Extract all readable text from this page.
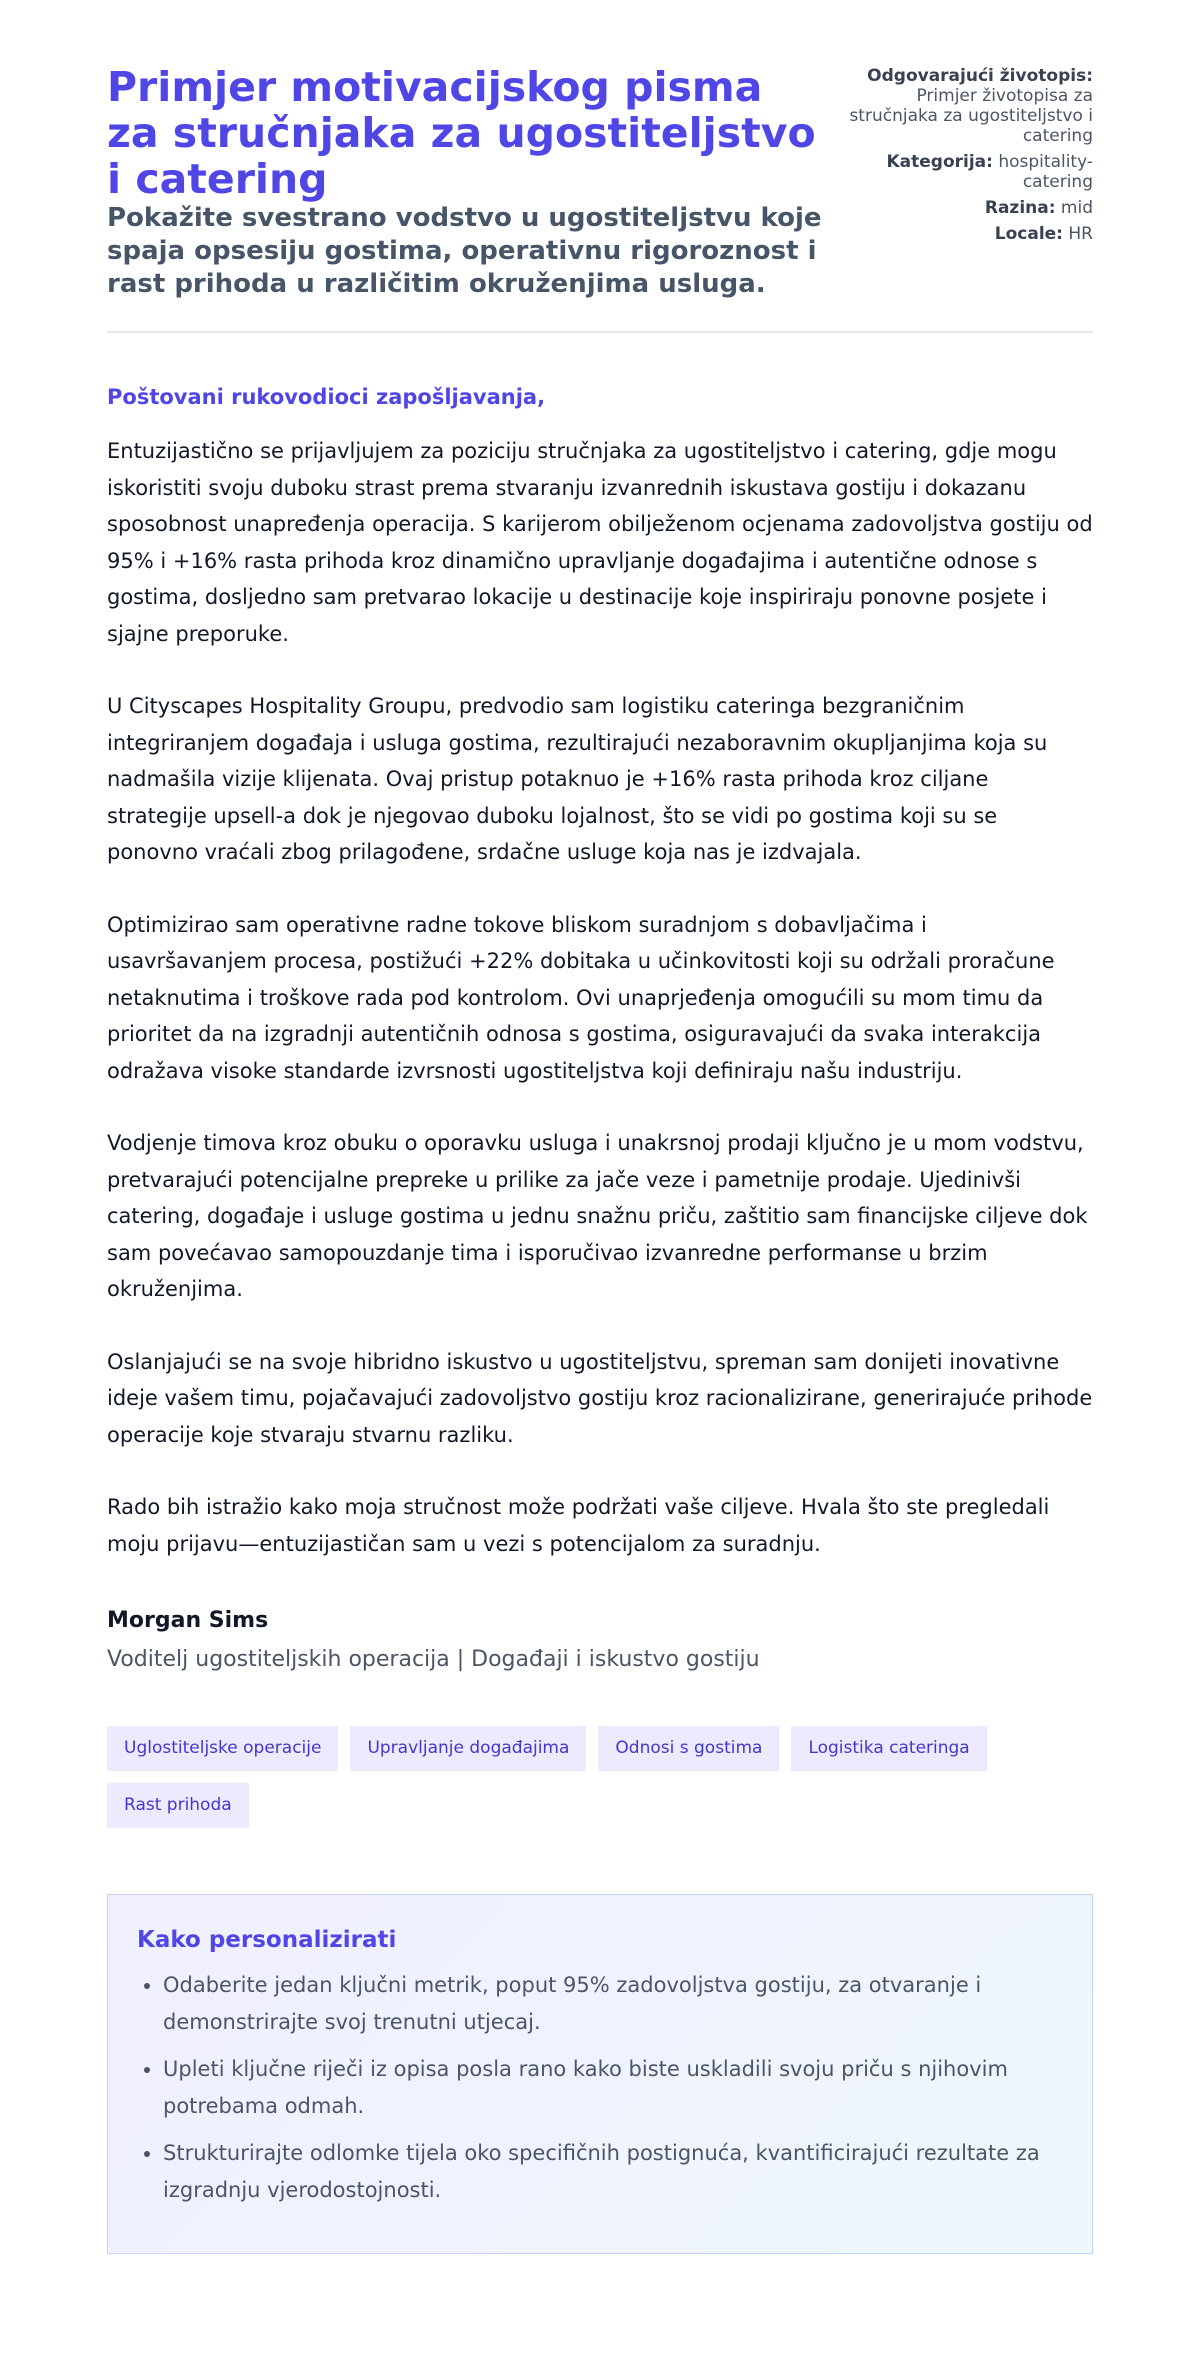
Primjer motivacijskog pisma za stručnjaka za ugostiteljstvo i catering
Pokažite svestrano vodstvo u ugostiteljstvu koje spaja opsesiju gostima, operativnu rigoroznost i rast prihoda u različitim okruženjima usluga.
Odgovarajući životopis: Primjer životopisa za stručnjaka za ugostiteljstvo i catering
Kategorija: hospitality-catering
Razina: mid
Locale: HR
Poštovani rukovodioci zapošljavanja,

Entuzijastično se prijavljujem za poziciju stručnjaka za ugostiteljstvo i catering, gdje mogu iskoristiti svoju duboku strast prema stvaranju izvanrednih iskustava gostiju i dokazanu sposobnost unapređenja operacija. S karijerom obilježenom ocjenama zadovoljstva gostiju od 95% i +16% rasta prihoda kroz dinamično upravljanje događajima i autentične odnose s gostima, dosljedno sam pretvarao lokacije u destinacije koje inspiriraju ponovne posjete i sjajne preporuke.

U Cityscapes Hospitality Groupu, predvodio sam logistiku cateringa bezgraničnim integriranjem događaja i usluga gostima, rezultirajući nezaboravnim okupljanjima koja su nadmašila vizije klijenata. Ovaj pristup potaknuo je +16% rasta prihoda kroz ciljane strategije upsell-a dok je njegovao duboku lojalnost, što se vidi po gostima koji su se ponovno vraćali zbog prilagođene, srdačne usluge koja nas je izdvajala.

Optimizirao sam operativne radne tokove bliskom suradnjom s dobavljačima i usavršavanjem procesa, postižući +22% dobitaka u učinkovitosti koji su održali proračune netaknutima i troškove rada pod kontrolom. Ovi unaprjeđenja omogućili su mom timu da prioritet da na izgradnji autentičnih odnosa s gostima, osiguravajući da svaka interakcija odražava visoke standarde izvrsnosti ugostiteljstva koji definiraju našu industriju.

Vodjenje timova kroz obuku o oporavku usluga i unakrsnoj prodaji ključno je u mom vodstvu, pretvarajući potencijalne prepreke u prilike za jače veze i pametnije prodaje. Ujedinivši catering, događaje i usluge gostima u jednu snažnu priču, zaštitio sam financijske ciljeve dok sam povećavao samopouzdanje tima i isporučivao izvanredne performanse u brzim okruženjima.

Oslanjajući se na svoje hibridno iskustvo u ugostiteljstvu, spreman sam donijeti inovativne ideje vašem timu, pojačavajući zadovoljstvo gostiju kroz racionalizirane, generirajuće prihode operacije koje stvaraju stvarnu razliku.

Rado bih istražio kako moja stručnost može podržati vaše ciljeve. Hvala što ste pregledali moju prijavu—entuzijastičan sam u vezi s potencijalom za suradnju.

Morgan Sims
Voditelj ugostiteljskih operacija | Događaji i iskustvo gostiju
Uglostiteljske operacije	Upravljanje događajima	Odnosi s gostima	Logistika cateringa
Rast prihoda
Kako personalizirati
• Odaberite jedan ključni metrik, poput 95% zadovoljstva gostiju, za otvaranje i demonstrirajte svoj trenutni utjecaj.
• Upleti ključne riječi iz opisa posla rano kako biste uskladili svoju priču s njihovim potrebama odmah.
• Strukturirajte odlomke tijela oko specifičnih postignuća, kvantificirajući rezultate za izgradnju vjerodostojnosti.
